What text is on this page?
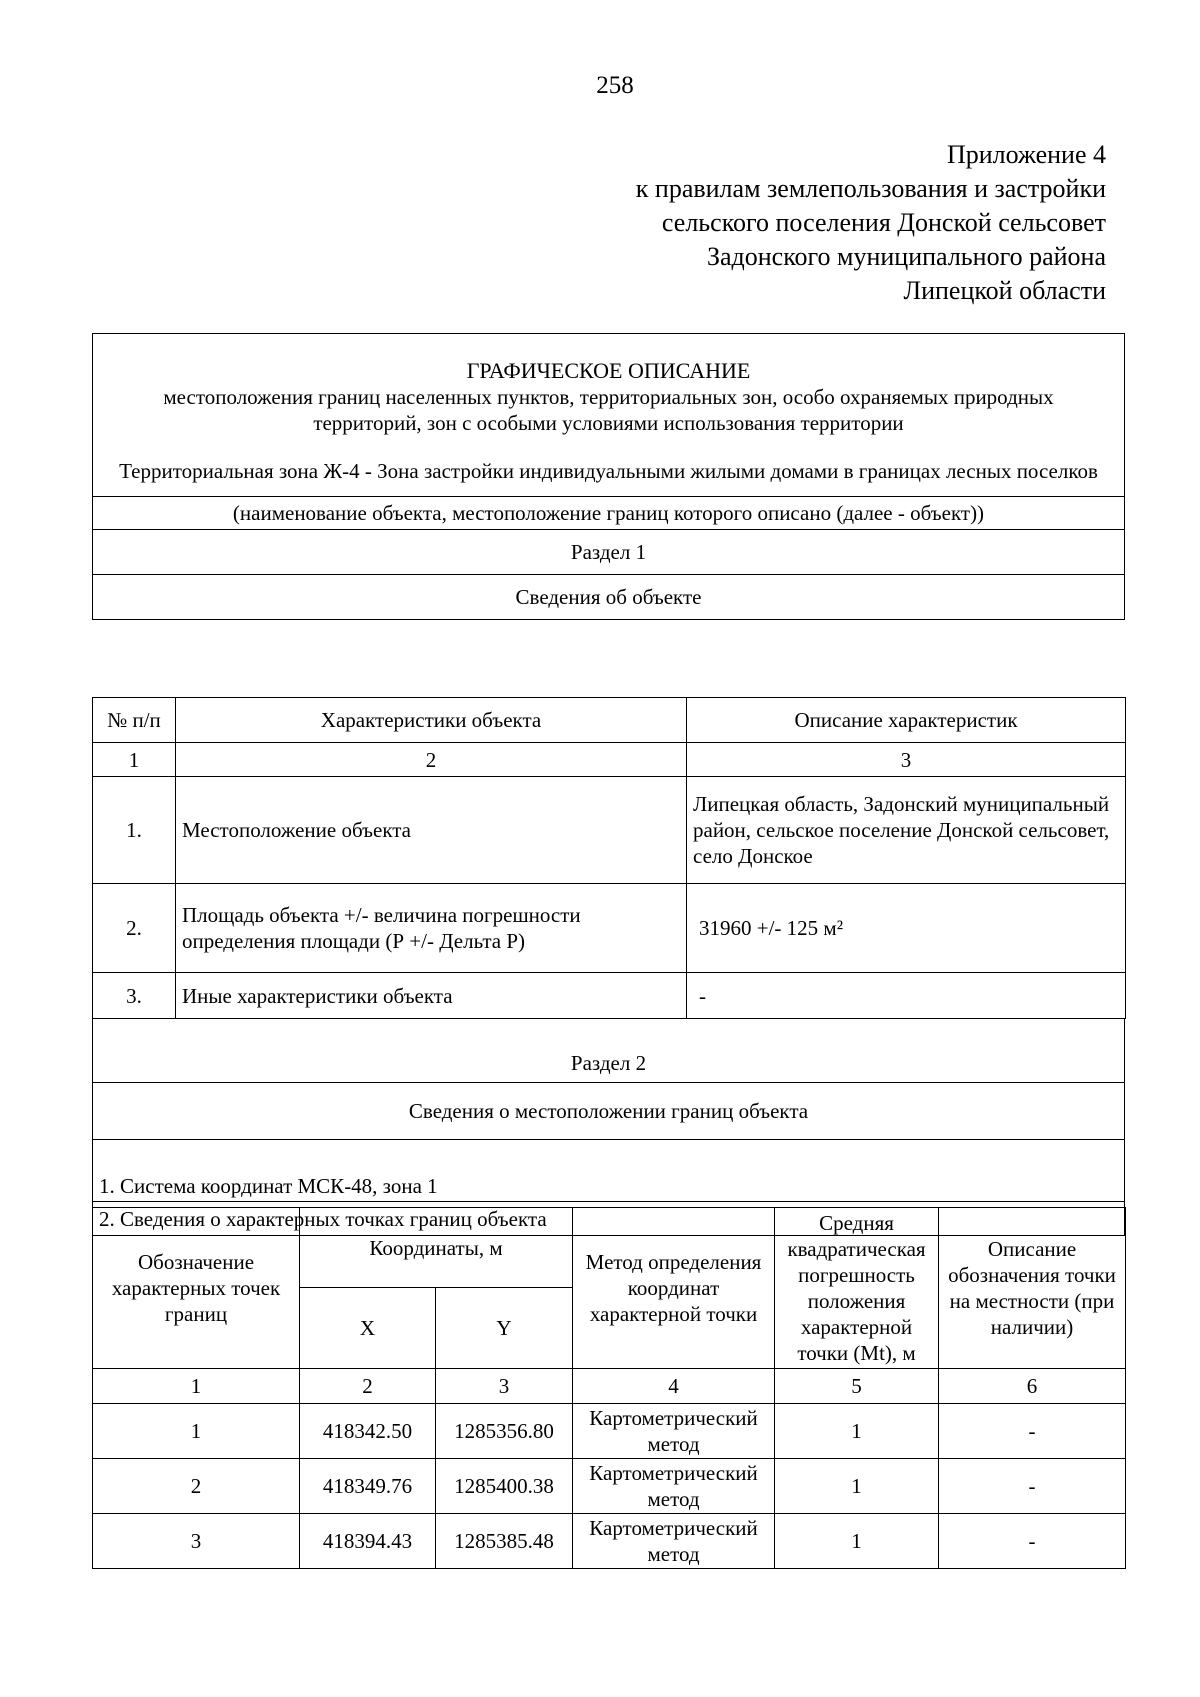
258
Приложение 4
к правилам землепользования и застройки
сельского поселения Донской сельсовет
Задонского муниципального района
Липецкой области
ГРАФИЧЕСКОЕ ОПИСАНИЕ
местоположения границ населенных пунктов, территориальных зон, особо охраняемых природных территорий, зон с особыми условиями использования территории
Территориальная зона Ж-4 - Зона застройки индивидуальными жилыми домами в границах лесных поселков

(наименование объекта, местоположение границ которого описано (далее - объект))
Раздел 1
Сведения об объекте
№ п/п	Характеристики объекта	Описание характеристик
1	2	3
1.	Местоположение объекта	Липецкая область, Задонский муниципальный район, сельское поселение Донской сельсовет, село Донское
2.	Площадь объекта +/- величина погрешности определения площади (Р +/- Дельта Р)	31960 +/- 125 м²
3.	Иные характеристики объекта	-
Раздел 2
Сведения о местоположении границ объекта
1. Система координат МСК-48, зона 1
2. Сведения о характерных точках границ объекта
Обозначение характерных точек границ	Координаты, м		Метод определения координат характерной точки	Средняя квадратическая погрешность положения характерной точки (Mt), м	Описание обозначения точки на местности (при наличии)
	X	Y			
1	2	3	4	5	6
1	418342.50	1285356.80	Картометрический метод	1	-
2	418349.76	1285400.38	Картометрический метод	1	-
3	418394.43	1285385.48	Картометрический метод	1	-
